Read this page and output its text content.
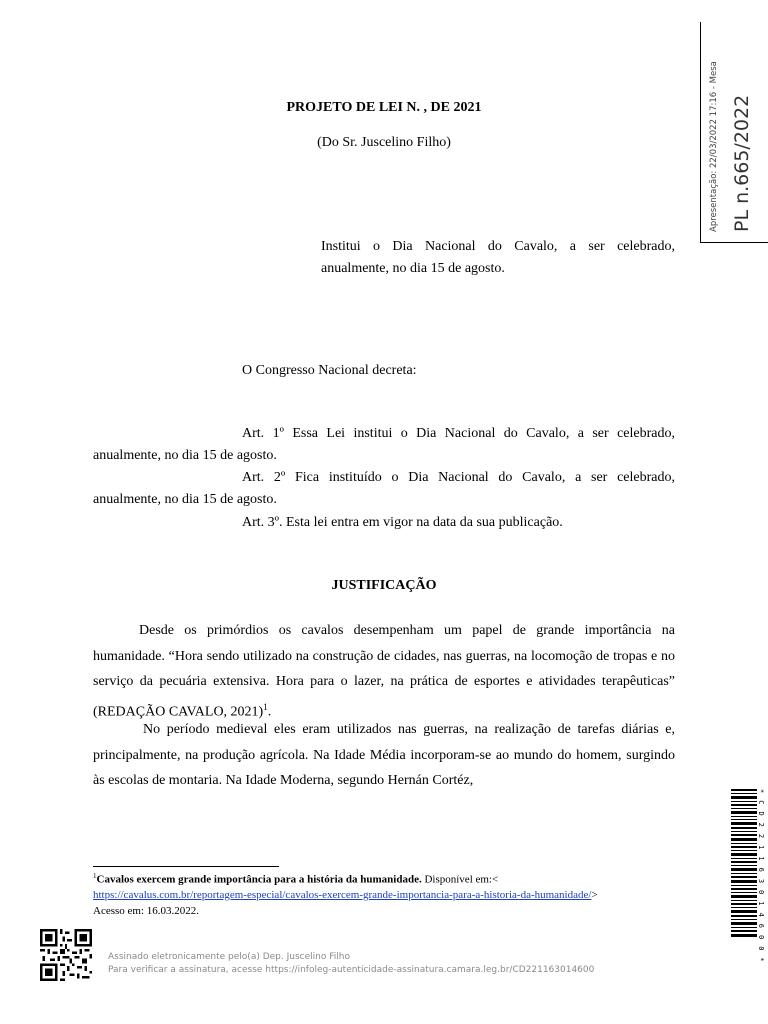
PROJETO DE LEI N. , DE 2021
(Do Sr. Juscelino Filho)
Institui o Dia Nacional do Cavalo, a ser celebrado, anualmente, no dia 15 de agosto.
O Congresso Nacional decreta:
Art. 1º Essa Lei institui o Dia Nacional do Cavalo, a ser celebrado, anualmente, no dia 15 de agosto.
Art. 2º Fica instituído o Dia Nacional do Cavalo, a ser celebrado, anualmente, no dia 15 de agosto.
Art. 3º. Esta lei entra em vigor na data da sua publicação.
JUSTIFICAÇÃO
Desde os primórdios os cavalos desempenham um papel de grande importância na humanidade. “Hora sendo utilizado na construção de cidades, nas guerras, na locomoção de tropas e no serviço da pecuária extensiva. Hora para o lazer, na prática de esportes e atividades terapêuticas” (REDAÇÃO CAVALO, 2021)$^1$.
No período medieval eles eram utilizados nas guerras, na realização de tarefas diárias e, principalmente, na produção agrícola. Na Idade Média incorporam-se ao mundo do homem, surgindo às escolas de montaria. Na Idade Moderna, segundo Hernán Cortéz,
$^1$Cavalos exercem grande importância para a história da humanidade. Disponível em:<
https://cavalus.com.br/reportagem-especial/cavalos-exercem-grande-importancia-para-a-historia-da-humanidade/>
Acesso em: 16.03.2022.
Apresentação: 22/03/2022 17:16 - Mesa PL n.665/2022
* C D 2 2 1 1 6 3 0 1 4 6 0 0 *
Assinado eletronicamente pelo(a) Dep. Juscelino Filho
Para verificar a assinatura, acesse https://infoleg-autenticidade-assinatura.camara.leg.br/CD221163014600
